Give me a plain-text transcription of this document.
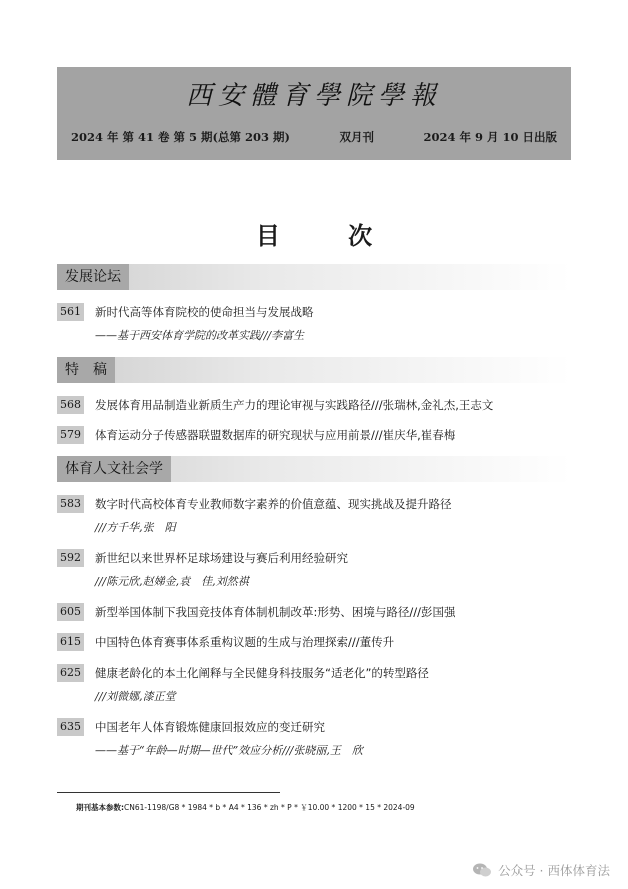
西安體育學院學報
2024 年 第 41 卷 第 5 期(总第 203 期)	双月刊	2024 年 9 月 10 日出版
目 次
发展论坛
561 新时代高等体育院校的使命担当与发展战略
——基于西安体育学院的改革实践///李富生
特　稿
568 发展体育用品制造业新质生产力的理论审视与实践路径///张瑞林,金礼杰,王志文
579 体育运动分子传感器联盟数据库的研究现状与应用前景///崔庆华,崔春梅
体育人文社会学
583 数字时代高校体育专业教师数字素养的价值意蕴、现实挑战及提升路径
///方千华,张　阳
592 新世纪以来世界杯足球场建设与赛后利用经验研究
///陈元欣,赵娣金,袁　佳,刘然祺
605 新型举国体制下我国竞技体育体制机制改革:形势、困境与路径///彭国强
615 中国特色体育赛事体系重构议题的生成与治理探索///董传升
625 健康老龄化的本土化阐释与全民健身科技服务“适老化”的转型路径
///刘微娜,漆正堂
635 中国老年人体育锻炼健康回报效应的变迁研究
——基于“年龄—时期—世代”效应分析///张晓丽,王　欣
期刊基本参数:CN61-1198/G8 * 1984 * b * A4 * 136 * zh * P * ￥10.00 * 1200 * 15 * 2024-09
公众号 · 西体体育法
